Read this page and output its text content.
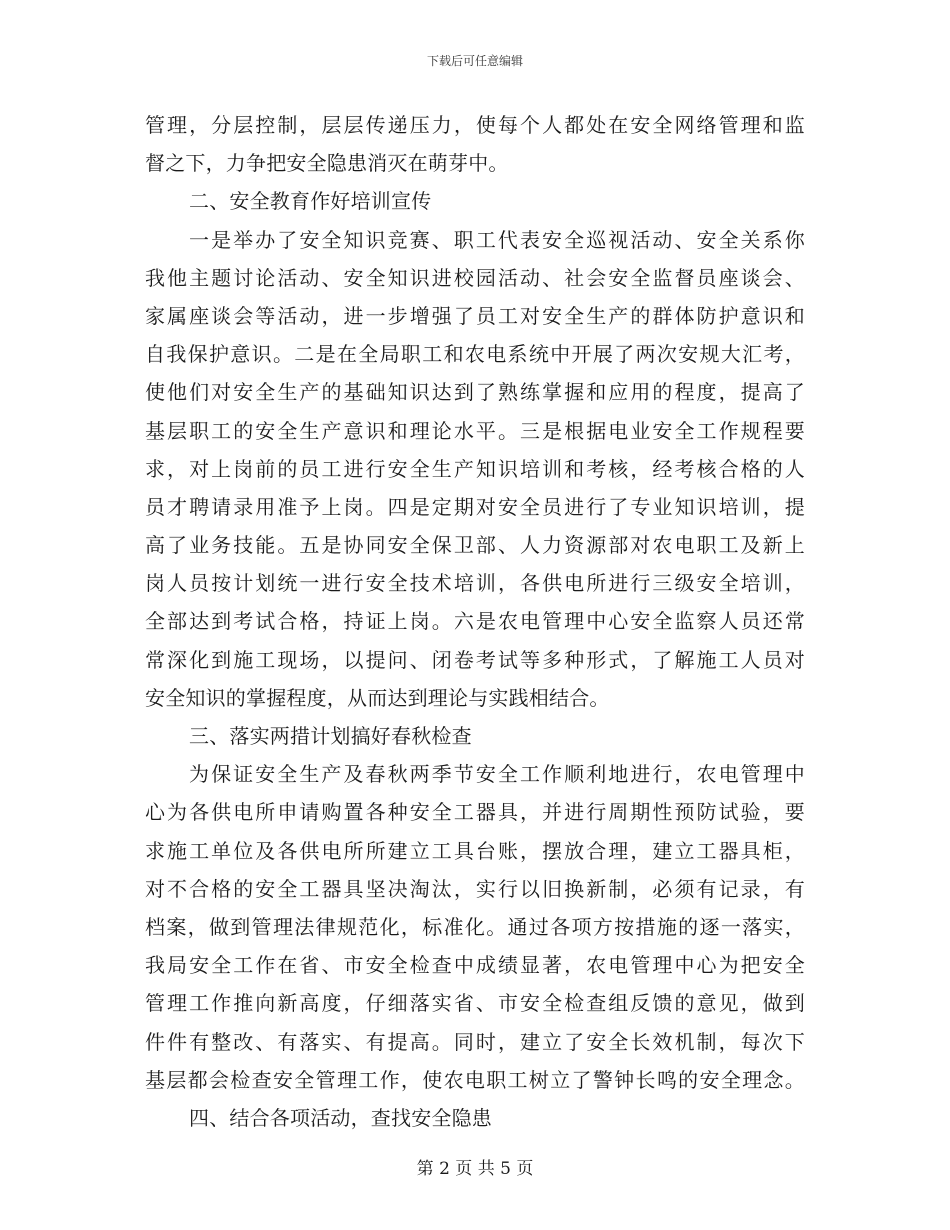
下载后可任意编辑
管理，分层控制，层层传递压力，使每个人都处在安全网络管理和监
督之下，力争把安全隐患消灭在萌芽中。
二、安全教育作好培训宣传
一是举办了安全知识竞赛、职工代表安全巡视活动、安全关系你
我他主题讨论活动、安全知识进校园活动、社会安全监督员座谈会、
家属座谈会等活动，进一步增强了员工对安全生产的群体防护意识和
自我保护意识。二是在全局职工和农电系统中开展了两次安规大汇考，
使他们对安全生产的基础知识达到了熟练掌握和应用的程度，提高了
基层职工的安全生产意识和理论水平。三是根据电业安全工作规程要
求，对上岗前的员工进行安全生产知识培训和考核，经考核合格的人
员才聘请录用准予上岗。四是定期对安全员进行了专业知识培训，提
高了业务技能。五是协同安全保卫部、人力资源部对农电职工及新上
岗人员按计划统一进行安全技术培训，各供电所进行三级安全培训，
全部达到考试合格，持证上岗。六是农电管理中心安全监察人员还常
常深化到施工现场，以提问、闭卷考试等多种形式，了解施工人员对
安全知识的掌握程度，从而达到理论与实践相结合。
三、落实两措计划搞好春秋检查
为保证安全生产及春秋两季节安全工作顺利地进行，农电管理中
心为各供电所申请购置各种安全工器具，并进行周期性预防试验，要
求施工单位及各供电所所建立工具台账，摆放合理，建立工器具柜，
对不合格的安全工器具坚决淘汰，实行以旧换新制，必须有记录，有
档案，做到管理法律规范化，标准化。通过各项方按措施的逐一落实，
我局安全工作在省、市安全检查中成绩显著，农电管理中心为把安全
管理工作推向新高度，仔细落实省、市安全检查组反馈的意见，做到
件件有整改、有落实、有提高。同时，建立了安全长效机制，每次下
基层都会检查安全管理工作，使农电职工树立了警钟长鸣的安全理念。
四、结合各项活动，查找安全隐患
第 2 页 共 5 页
